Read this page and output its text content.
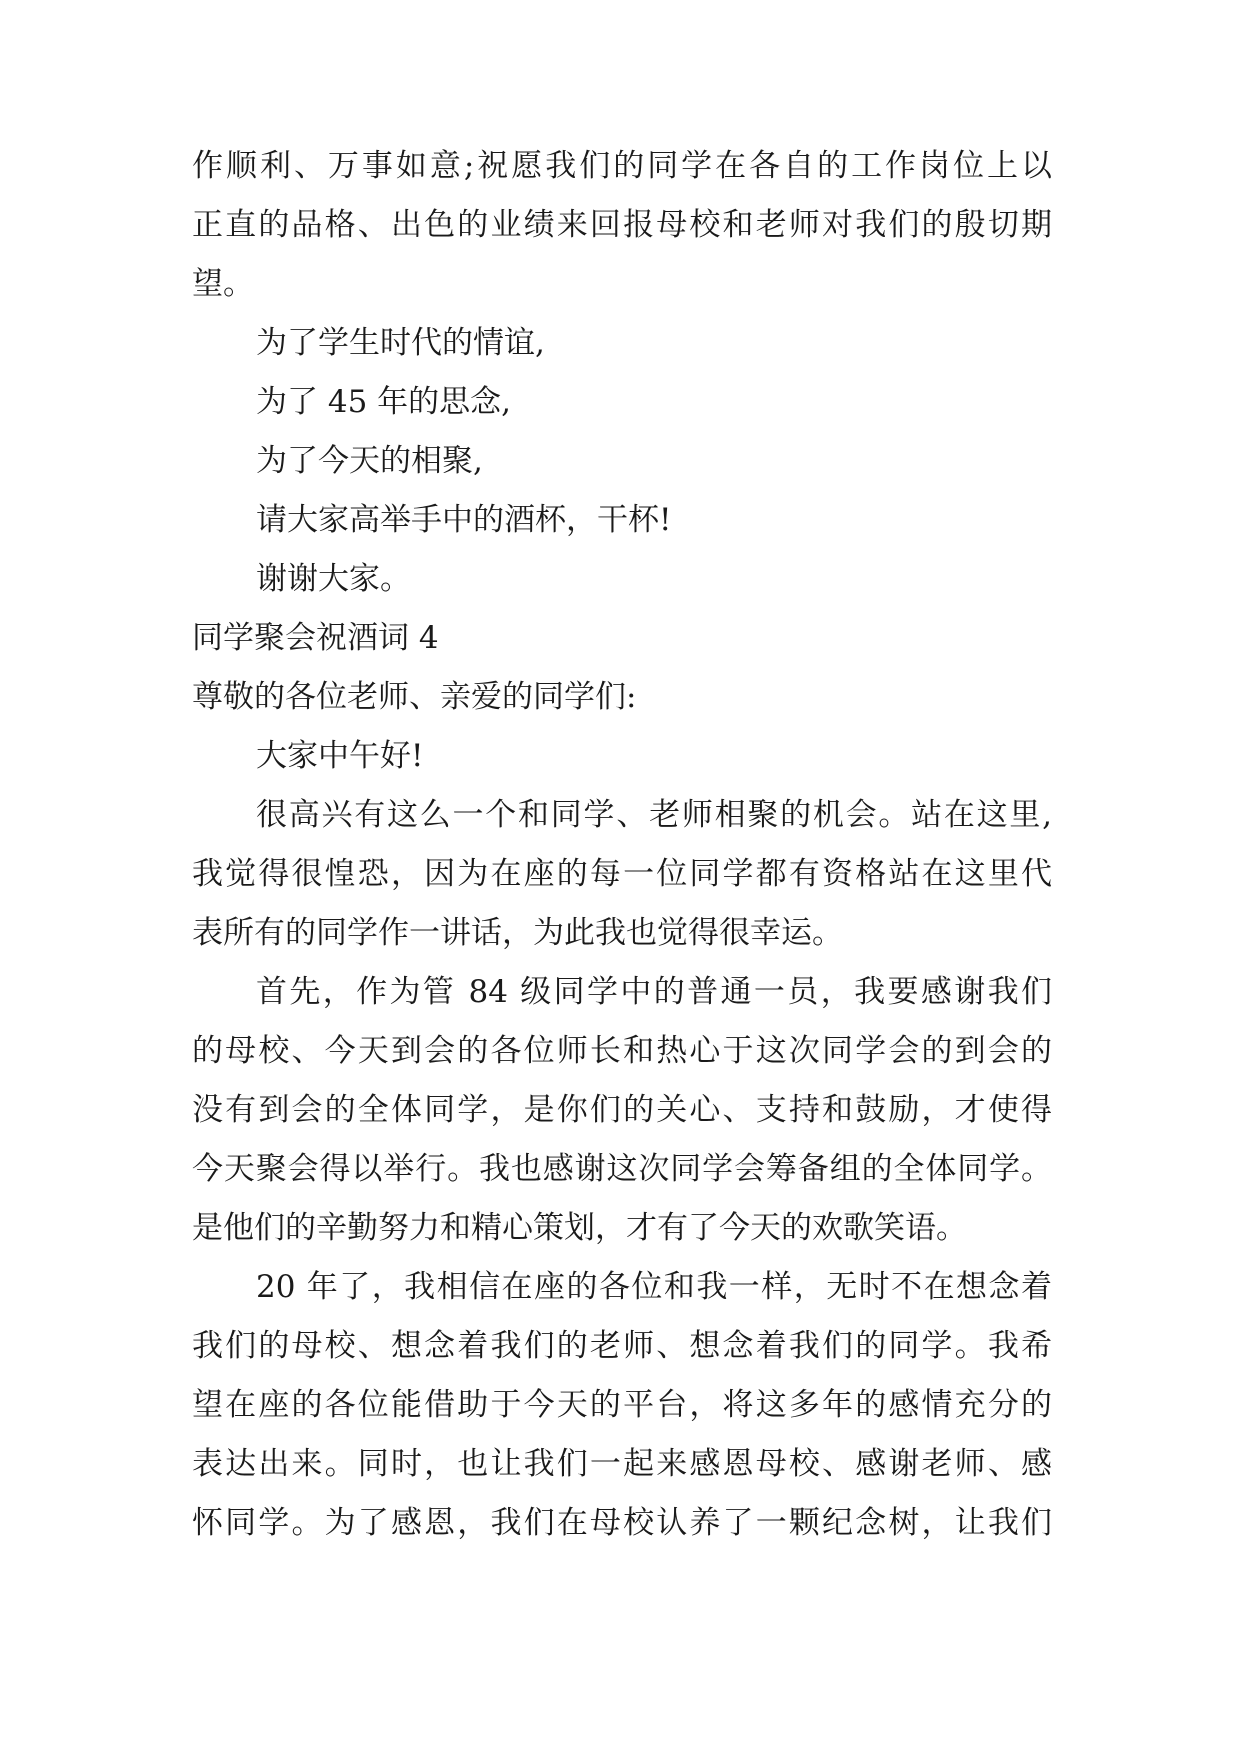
作顺利、万事如意;祝愿我们的同学在各自的工作岗位上以
正直的品格、出色的业绩来回报母校和老师对我们的殷切期
望。
为了学生时代的情谊,
为了 45 年的思念,
为了今天的相聚,
请大家高举手中的酒杯，干杯!
谢谢大家。
同学聚会祝酒词 4
尊敬的各位老师、亲爱的同学们:
大家中午好!
很高兴有这么一个和同学、老师相聚的机会。站在这里,
我觉得很惶恐，因为在座的每一位同学都有资格站在这里代
表所有的同学作一讲话，为此我也觉得很幸运。
首先，作为管 84 级同学中的普通一员，我要感谢我们
的母校、今天到会的各位师长和热心于这次同学会的到会的
没有到会的全体同学，是你们的关心、支持和鼓励，才使得
今天聚会得以举行。我也感谢这次同学会筹备组的全体同学。
是他们的辛勤努力和精心策划，才有了今天的欢歌笑语。
20 年了，我相信在座的各位和我一样，无时不在想念着
我们的母校、想念着我们的老师、想念着我们的同学。我希
望在座的各位能借助于今天的平台，将这多年的感情充分的
表达出来。同时，也让我们一起来感恩母校、感谢老师、感
怀同学。为了感恩，我们在母校认养了一颗纪念树，让我们
